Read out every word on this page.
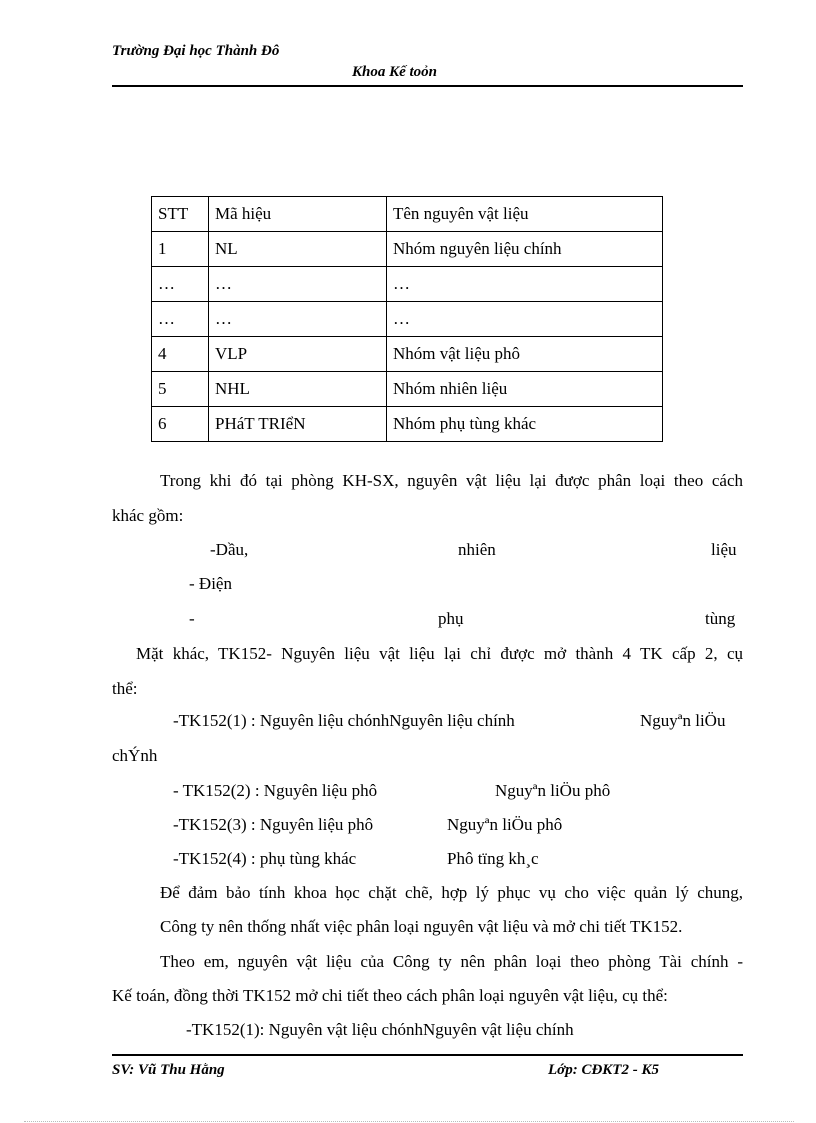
Trường Đại học Thành Đô
Khoa Kế toỏn
STT	Mã hiệu	Tên nguyên vật liệu
1	NL	Nhóm nguyên liệu chính
…	…	…
…	…	…
4	VLP	Nhóm vật liệu phô
5	NHL	Nhóm nhiên liệu
6	PHáT TRIểN	Nhóm phụ tùng khác
Trong khi đó tại phòng KH-SX, nguyên vật liệu lại được phân loại theo cách
khác gồm:
-Dầu,	nhiên	liệu
- Điện
-	phụ	tùng
Mặt khác, TK152- Nguyên liệu vật liệu lại chỉ được mở thành 4 TK cấp 2, cụ
thể:
-TK152(1) : Nguyên liệu chónhNguyên liệu chính	Nguyªn liÖu
chÝnh
- TK152(2) : Nguyên liệu phô	Nguyªn liÖu phô
-TK152(3) : Nguyên liệu phô	Nguyªn liÖu phô
-TK152(4) : phụ tùng khác	Phô tïng kh¸c
Để đảm bảo tính khoa học chặt chẽ, hợp lý phục vụ cho việc quản lý chung,
Công ty nên thống nhất việc phân loại nguyên vật liệu và mở chi tiết TK152.
Theo em, nguyên vật liệu của Công ty nên phân loại theo phòng Tài chính -
Kế toán, đồng thời TK152 mở chi tiết theo cách phân loại nguyên vật liệu, cụ thể:
-TK152(1): Nguyên vật liệu chónhNguyên vật liệu chính
SV: Vũ Thu Hằng	Lớp: CĐKT2 - K5
